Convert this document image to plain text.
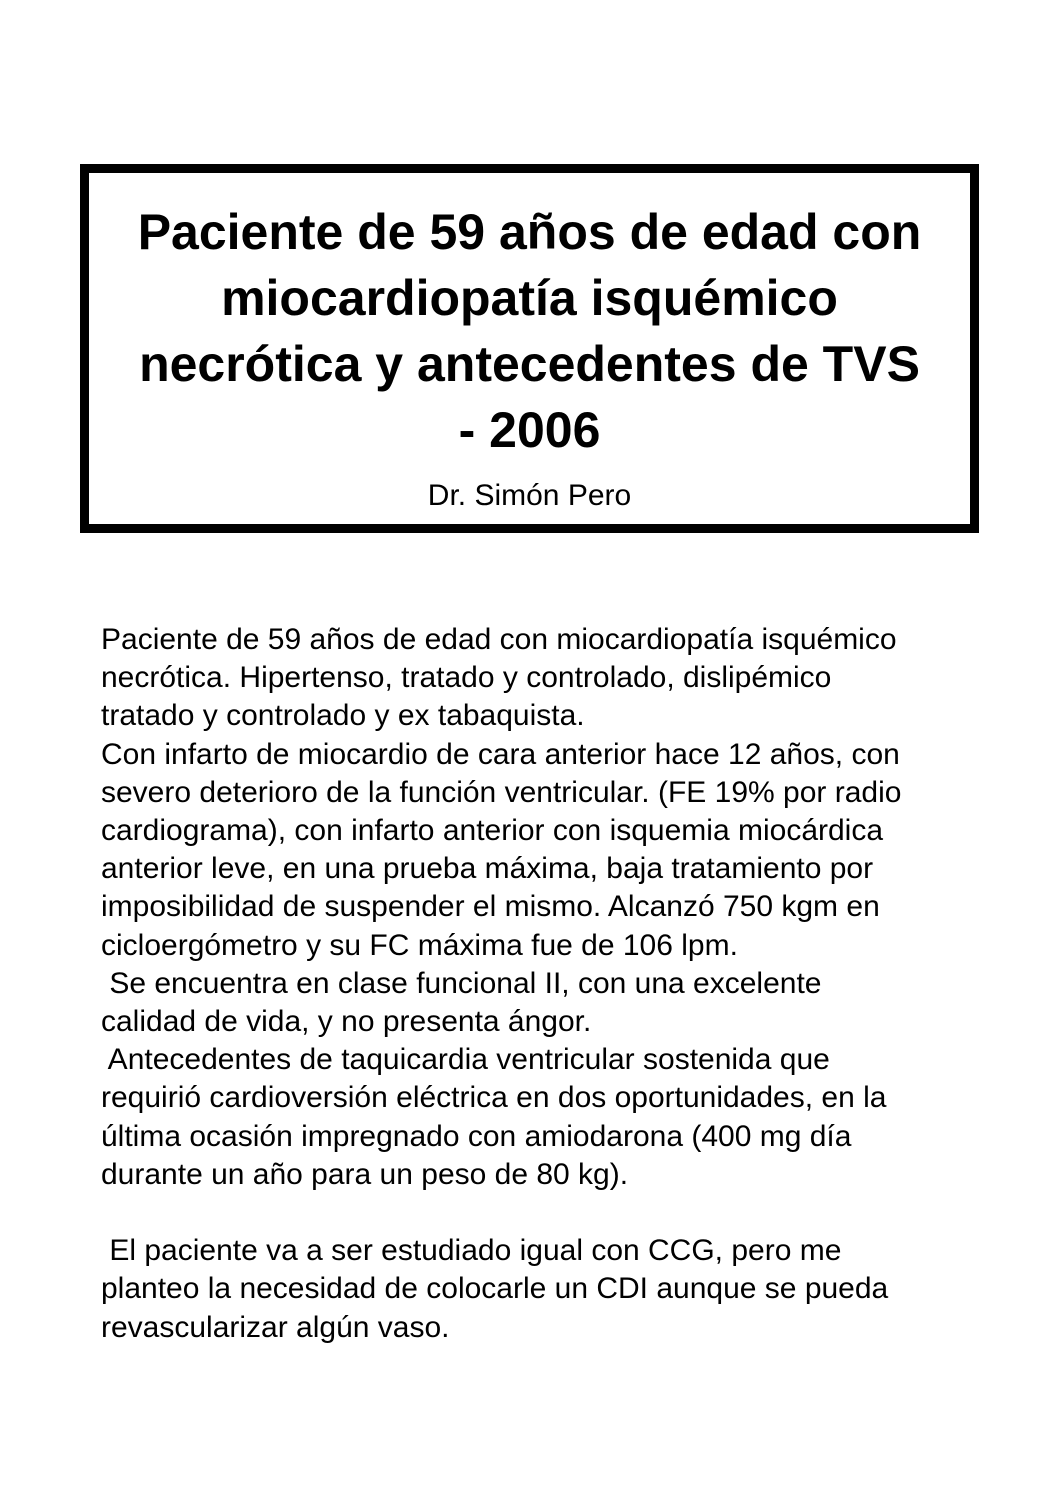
Paciente de 59 años de edad con
miocardiopatía isquémico
necrótica y antecedentes de TVS
- 2006
Dr. Simón Pero
Paciente de 59 años de edad con miocardiopatía isquémico
necrótica. Hipertenso, tratado y controlado, dislipémico
tratado y controlado y ex tabaquista.
Con infarto de miocardio de cara anterior hace 12 años, con
severo deterioro de la función ventricular. (FE 19% por radio
cardiograma), con infarto anterior con isquemia miocárdica
anterior leve, en una prueba máxima, baja tratamiento por
imposibilidad de suspender el mismo. Alcanzó 750 kgm en
cicloergómetro y su FC máxima fue de 106 lpm.
Se encuentra en clase funcional II, con una excelente
calidad de vida, y no presenta ángor.
Antecedentes de taquicardia ventricular sostenida que
requirió cardioversión eléctrica en dos oportunidades, en la
última ocasión impregnado con amiodarona (400 mg día
durante un año para un peso de 80 kg).
El paciente va a ser estudiado igual con CCG, pero me
planteo la necesidad de colocarle un CDI aunque se pueda
revascularizar algún vaso.
